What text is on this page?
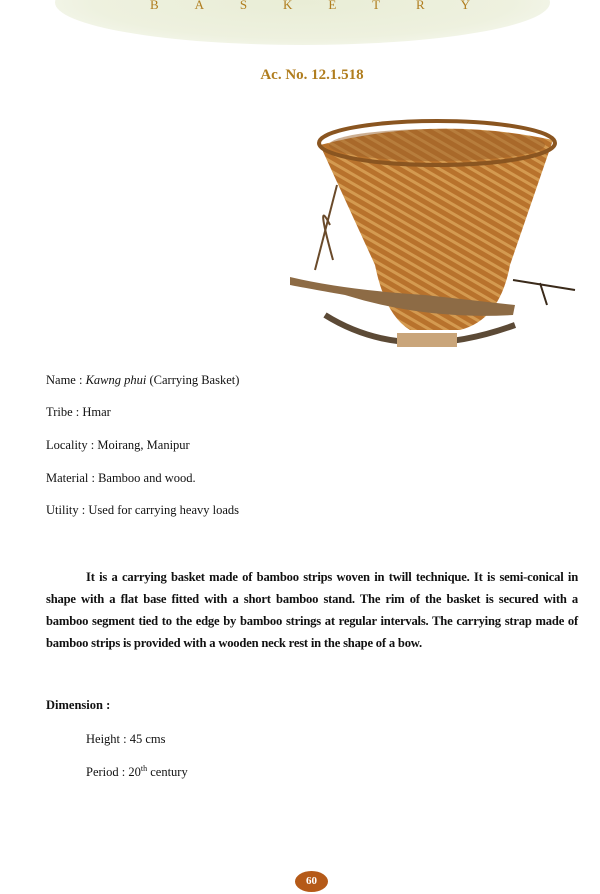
B	A	S	K	E	T	R	Y
Ac. No. 12.1.518
Name : Kawng phui (Carrying Basket)
Tribe : Hmar
Locality : Moirang, Manipur
Material : Bamboo and wood.
Utility : Used for carrying heavy loads
It is a carrying basket made of bamboo strips woven in twill technique. It is semi-conical in shape with a flat base fitted with a short bamboo stand. The rim of the basket is secured with a bamboo segment tied to the edge by bamboo strings at regular intervals. The carrying strap made of bamboo strips is provided with a wooden neck rest in the shape of a bow.
Dimension :
Height : 45 cms
Period : 20th century
60
